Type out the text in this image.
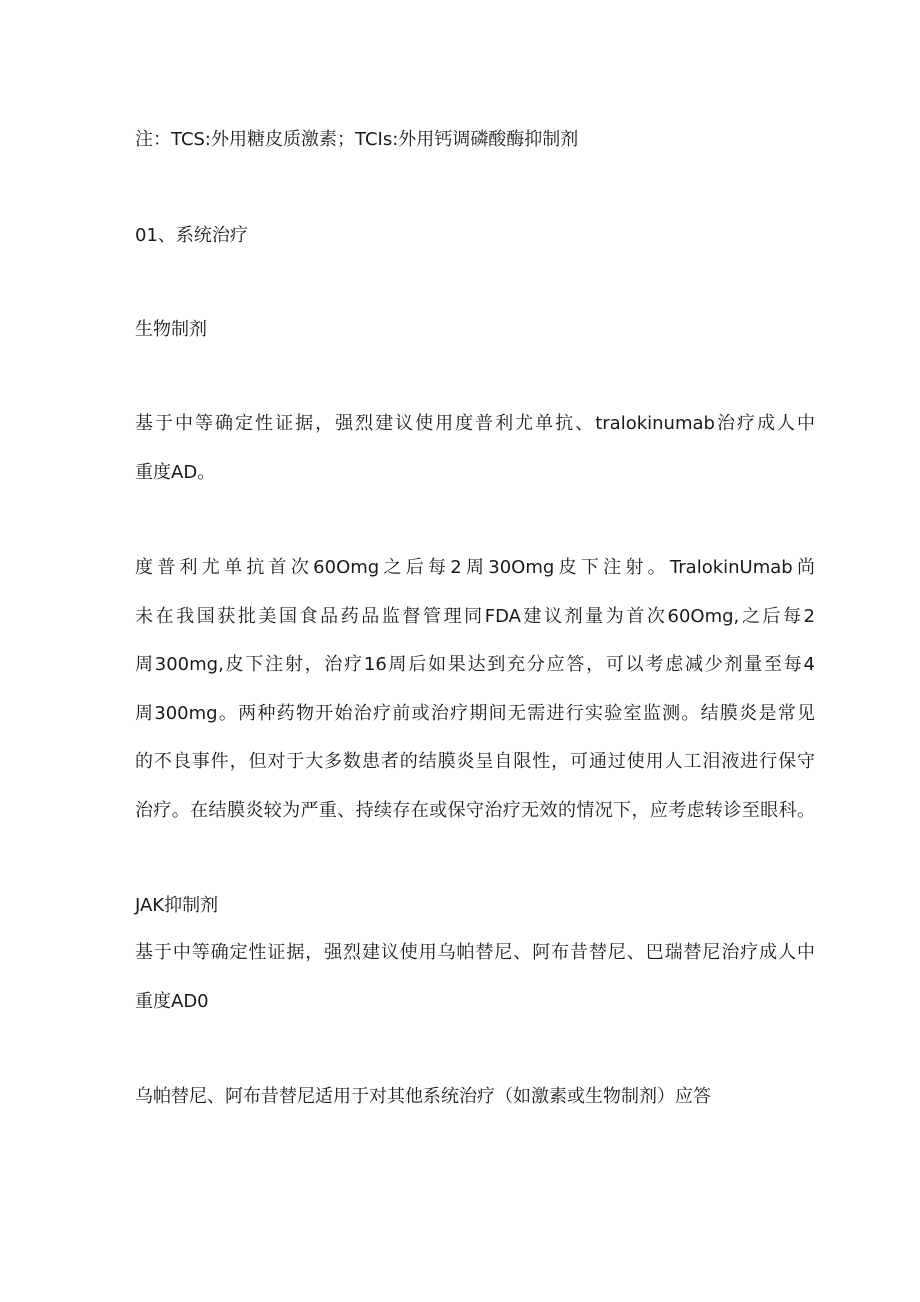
注：TCS:外用糖皮质激素；TCIs:外用钙调磷酸酶抑制剂
01、系统治疗
生物制剂
基于中等确定性证据，强烈建议使用度普利尤单抗、tralokinumab治疗成人中
重度AD。
度普利尤单抗首次60Omg之后每2周30Omg皮下注射。TralokinUmab尚
未在我国获批美国食品药品监督管理同FDA建议剂量为首次60Omg,之后每2
周300mg,皮下注射，治疗16周后如果达到充分应答，可以考虑减少剂量至每4
周300mg。两种药物开始治疗前或治疗期间无需进行实验室监测。结膜炎是常见
的不良事件，但对于大多数患者的结膜炎呈自限性，可通过使用人工泪液进行保守
治疗。在结膜炎较为严重、持续存在或保守治疗无效的情况下，应考虑转诊至眼科。
JAK抑制剂
基于中等确定性证据，强烈建议使用乌帕替尼、阿布昔替尼、巴瑞替尼治疗成人中
重度AD0
乌帕替尼、阿布昔替尼适用于对其他系统治疗（如激素或生物制剂）应答
